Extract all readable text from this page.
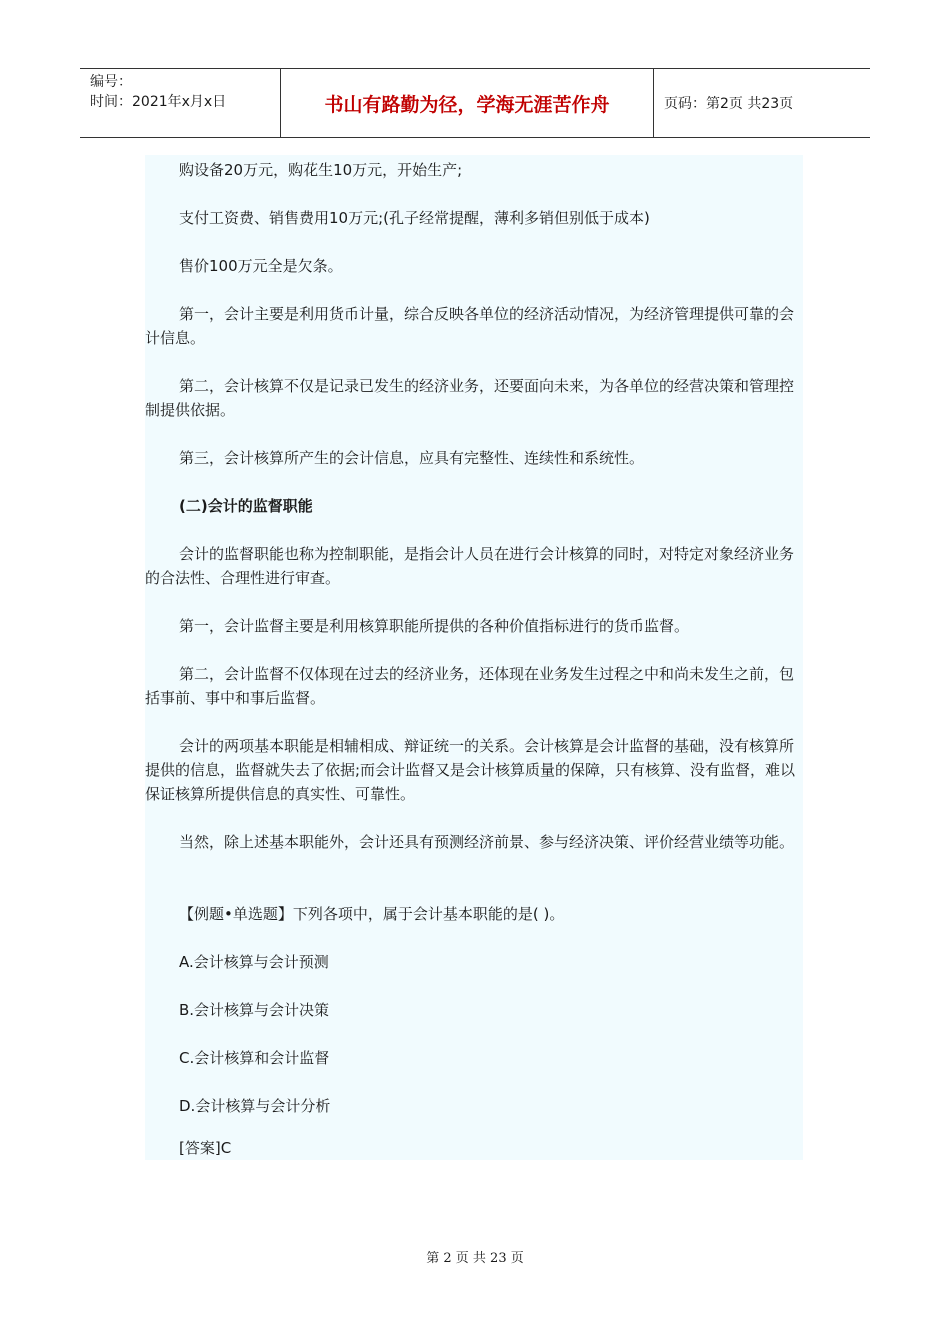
编号：
时间：2021年x月x日	书山有路勤为径，学海无涯苦作舟	页码：第2页 共23页
购设备20万元，购花生10万元，开始生产;
支付工资费、销售费用10万元;(孔子经常提醒，薄利多销但别低于成本)
售价100万元全是欠条。
第一，会计主要是利用货币计量，综合反映各单位的经济活动情况，为经济管理提供可靠的会计信息。
第二，会计核算不仅是记录已发生的经济业务，还要面向未来，为各单位的经营决策和管理控制提供依据。
第三，会计核算所产生的会计信息，应具有完整性、连续性和系统性。
(二)会计的监督职能
会计的监督职能也称为控制职能，是指会计人员在进行会计核算的同时，对特定对象经济业务的合法性、合理性进行审查。
第一，会计监督主要是利用核算职能所提供的各种价值指标进行的货币监督。
第二，会计监督不仅体现在过去的经济业务，还体现在业务发生过程之中和尚未发生之前，包括事前、事中和事后监督。
会计的两项基本职能是相辅相成、辩证统一的关系。会计核算是会计监督的基础，没有核算所提供的信息，监督就失去了依据;而会计监督又是会计核算质量的保障，只有核算、没有监督，难以保证核算所提供信息的真实性、可靠性。
当然，除上述基本职能外，会计还具有预测经济前景、参与经济决策、评价经营业绩等功能。
【例题•单选题】下列各项中，属于会计基本职能的是( )。
A.会计核算与会计预测
B.会计核算与会计决策
C.会计核算和会计监督
D.会计核算与会计分析
[答案]C
第 2 页 共 23 页
